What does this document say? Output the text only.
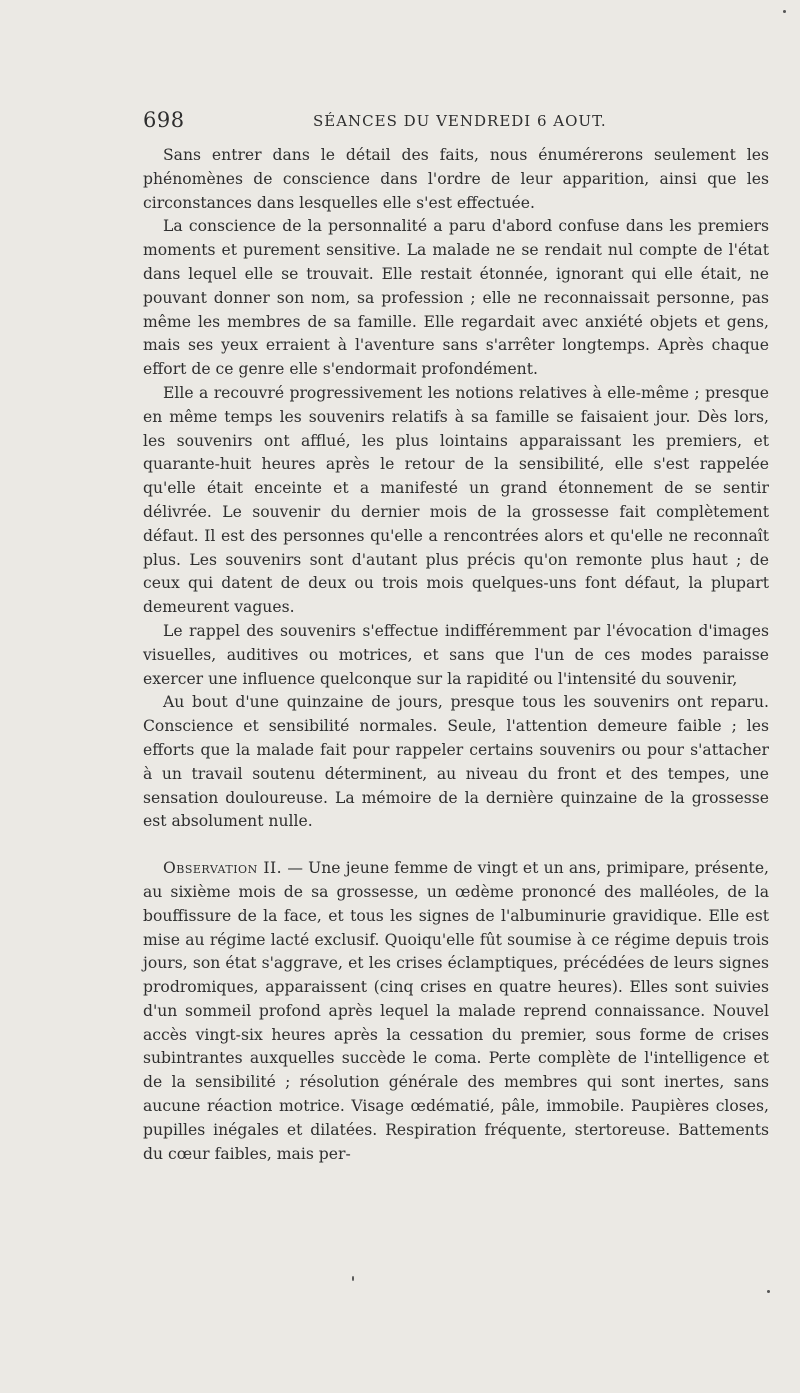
698	SÉANCES DU VENDREDI 6 AOUT.

Sans entrer dans le détail des faits, nous énumérerons seulement les phénomènes de conscience dans l'ordre de leur apparition, ainsi que les circonstances dans lesquelles elle s'est effectuée.

La conscience de la personnalité a paru d'abord confuse dans les premiers moments et purement sensitive. La malade ne se rendait nul compte de l'état dans lequel elle se trouvait. Elle restait étonnée, ignorant qui elle était, ne pouvant donner son nom, sa profession ; elle ne reconnaissait personne, pas même les membres de sa famille. Elle regardait avec anxiété objets et gens, mais ses yeux erraient à l'aventure sans s'arrêter longtemps. Après chaque effort de ce genre elle s'endormait profondément.

Elle a recouvré progressivement les notions relatives à elle-même ; presque en même temps les souvenirs relatifs à sa famille se faisaient jour. Dès lors, les souvenirs ont afflué, les plus lointains apparaissant les premiers, et quarante-huit heures après le retour de la sensibilité, elle s'est rappelée qu'elle était enceinte et a manifesté un grand étonnement de se sentir délivrée. Le souvenir du dernier mois de la grossesse fait complètement défaut. Il est des personnes qu'elle a rencontrées alors et qu'elle ne reconnaît plus. Les souvenirs sont d'autant plus précis qu'on remonte plus haut ; de ceux qui datent de deux ou trois mois quelques-uns font défaut, la plupart demeurent vagues.

Le rappel des souvenirs s'effectue indifféremment par l'évocation d'images visuelles, auditives ou motrices, et sans que l'un de ces modes paraisse exercer une influence quelconque sur la rapidité ou l'intensité du souvenir,

Au bout d'une quinzaine de jours, presque tous les souvenirs ont reparu. Conscience et sensibilité normales. Seule, l'attention demeure faible ; les efforts que la malade fait pour rappeler certains souvenirs ou pour s'attacher à un travail soutenu déterminent, au niveau du front et des tempes, une sensation douloureuse. La mémoire de la dernière quinzaine de la grossesse est absolument nulle.

Observation II. — Une jeune femme de vingt et un ans, primipare, présente, au sixième mois de sa grossesse, un œdème prononcé des malléoles, de la bouffissure de la face, et tous les signes de l'albuminurie gravidique. Elle est mise au régime lacté exclusif. Quoiqu'elle fût soumise à ce régime depuis trois jours, son état s'aggrave, et les crises éclamptiques, précédées de leurs signes prodromiques, apparaissent (cinq crises en quatre heures). Elles sont suivies d'un sommeil profond après lequel la malade reprend connaissance. Nouvel accès vingt-six heures après la cessation du premier, sous forme de crises subintrantes auxquelles succède le coma. Perte complète de l'intelligence et de la sensibilité ; résolution générale des membres qui sont inertes, sans aucune réaction motrice. Visage œdématié, pâle, immobile. Paupières closes, pupilles inégales et dilatées. Respiration fréquente, stertoreuse. Battements du cœur faibles, mais per-
